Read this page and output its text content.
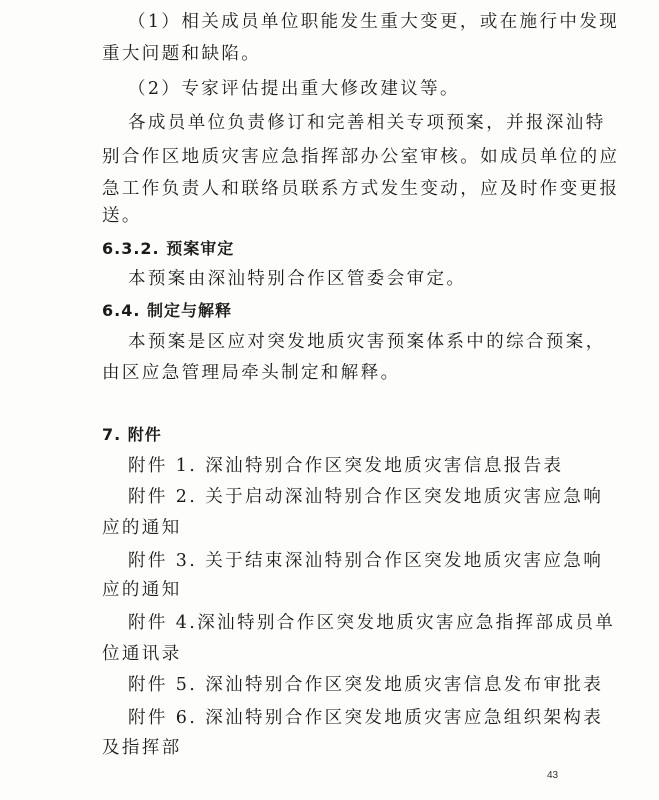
（1）相关成员单位职能发生重大变更，或在施行中发现
重大问题和缺陷。
（2）专家评估提出重大修改建议等。
各成员单位负责修订和完善相关专项预案，并报深汕特
别合作区地质灾害应急指挥部办公室审核。如成员单位的应
急工作负责人和联络员联系方式发生变动，应及时作变更报
送。
6.3.2. 预案审定
本预案由深汕特别合作区管委会审定。
6.4. 制定与解释
本预案是区应对突发地质灾害预案体系中的综合预案，
由区应急管理局牵头制定和解释。
7. 附件
附件 1. 深汕特别合作区突发地质灾害信息报告表
附件 2. 关于启动深汕特别合作区突发地质灾害应急响
应的通知
附件 3. 关于结束深汕特别合作区突发地质灾害应急响
应的通知
附件 4.深汕特别合作区突发地质灾害应急指挥部成员单
位通讯录
附件 5. 深汕特别合作区突发地质灾害信息发布审批表
附件 6. 深汕特别合作区突发地质灾害应急组织架构表
及指挥部
43
